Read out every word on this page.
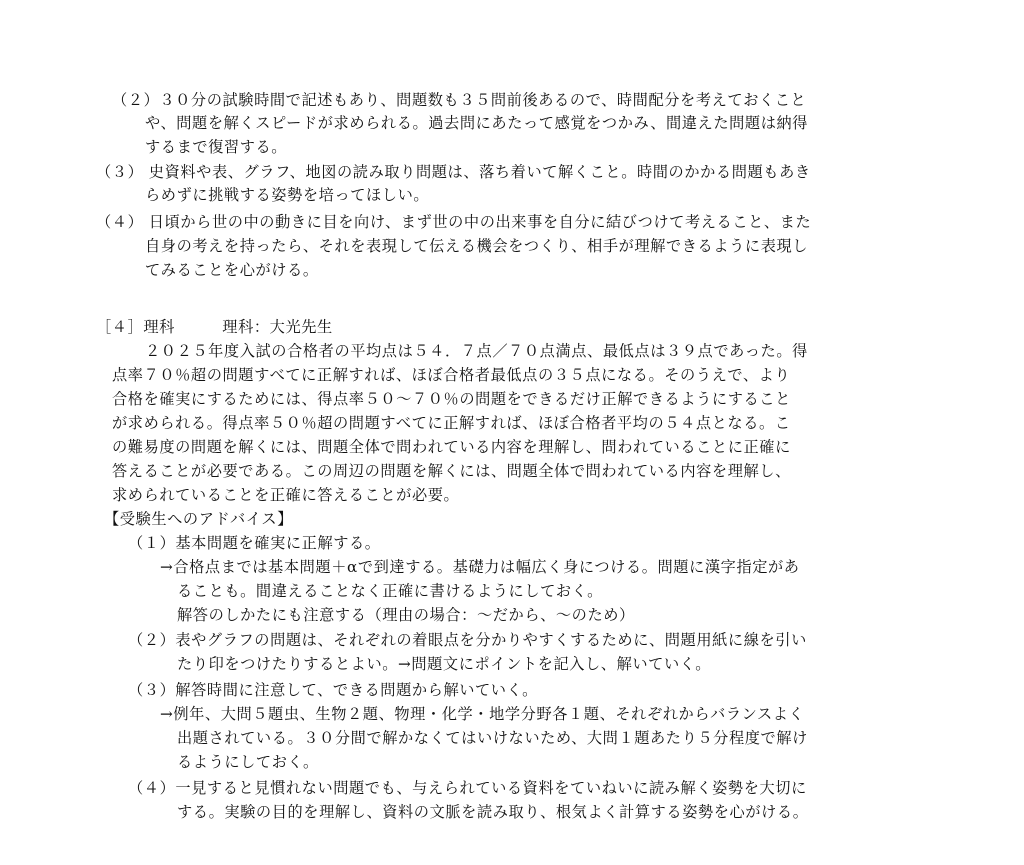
（２）３０分の試験時間で記述もあり、問題数も３５問前後あるので、時間配分を考えておくこと
や、問題を解くスピードが求められる。過去問にあたって感覚をつかみ、間違えた問題は納得
するまで復習する。
（３） 史資料や表、グラフ、地図の読み取り問題は、落ち着いて解くこと。時間のかかる問題もあき
らめずに挑戦する姿勢を培ってほしい。
（４） 日頃から世の中の動きに目を向け、まず世の中の出来事を自分に結びつけて考えること、また
自身の考えを持ったら、それを表現して伝える機会をつくり、相手が理解できるように表現し
てみることを心がける。
［４］理科　　　理科：大光先生
２０２５年度入試の合格者の平均点は５４．７点／７０点満点、最低点は３９点であった。得
点率７０％超の問題すべてに正解すれば、ほぼ合格者最低点の３５点になる。そのうえで、より
合格を確実にするためには、得点率５０～７０％の問題をできるだけ正解できるようにすること
が求められる。得点率５０％超の問題すべてに正解すれば、ほぼ合格者平均の５４点となる。こ
の難易度の問題を解くには、問題全体で問われている内容を理解し、問われていることに正確に
答えることが必要である。この周辺の問題を解くには、問題全体で問われている内容を理解し、
求められていることを正確に答えることが必要。
【受験生へのアドバイス】
（１）基本問題を確実に正解する。
→合格点までは基本問題＋αで到達する。基礎力は幅広く身につける。問題に漢字指定があ
ることも。間違えることなく正確に書けるようにしておく。
解答のしかたにも注意する（理由の場合：～だから、～のため）
（２）表やグラフの問題は、それぞれの着眼点を分かりやすくするために、問題用紙に線を引い
たり印をつけたりするとよい。→問題文にポイントを記入し、解いていく。
（３）解答時間に注意して、できる問題から解いていく。
→例年、大問５題虫、生物２題、物理・化学・地学分野各１題、それぞれからバランスよく
出題されている。３０分間で解かなくてはいけないため、大問１題あたり５分程度で解け
るようにしておく。
（４）一見すると見慣れない問題でも、与えられている資料をていねいに読み解く姿勢を大切に
する。実験の目的を理解し、資料の文脈を読み取り、根気よく計算する姿勢を心がける。
